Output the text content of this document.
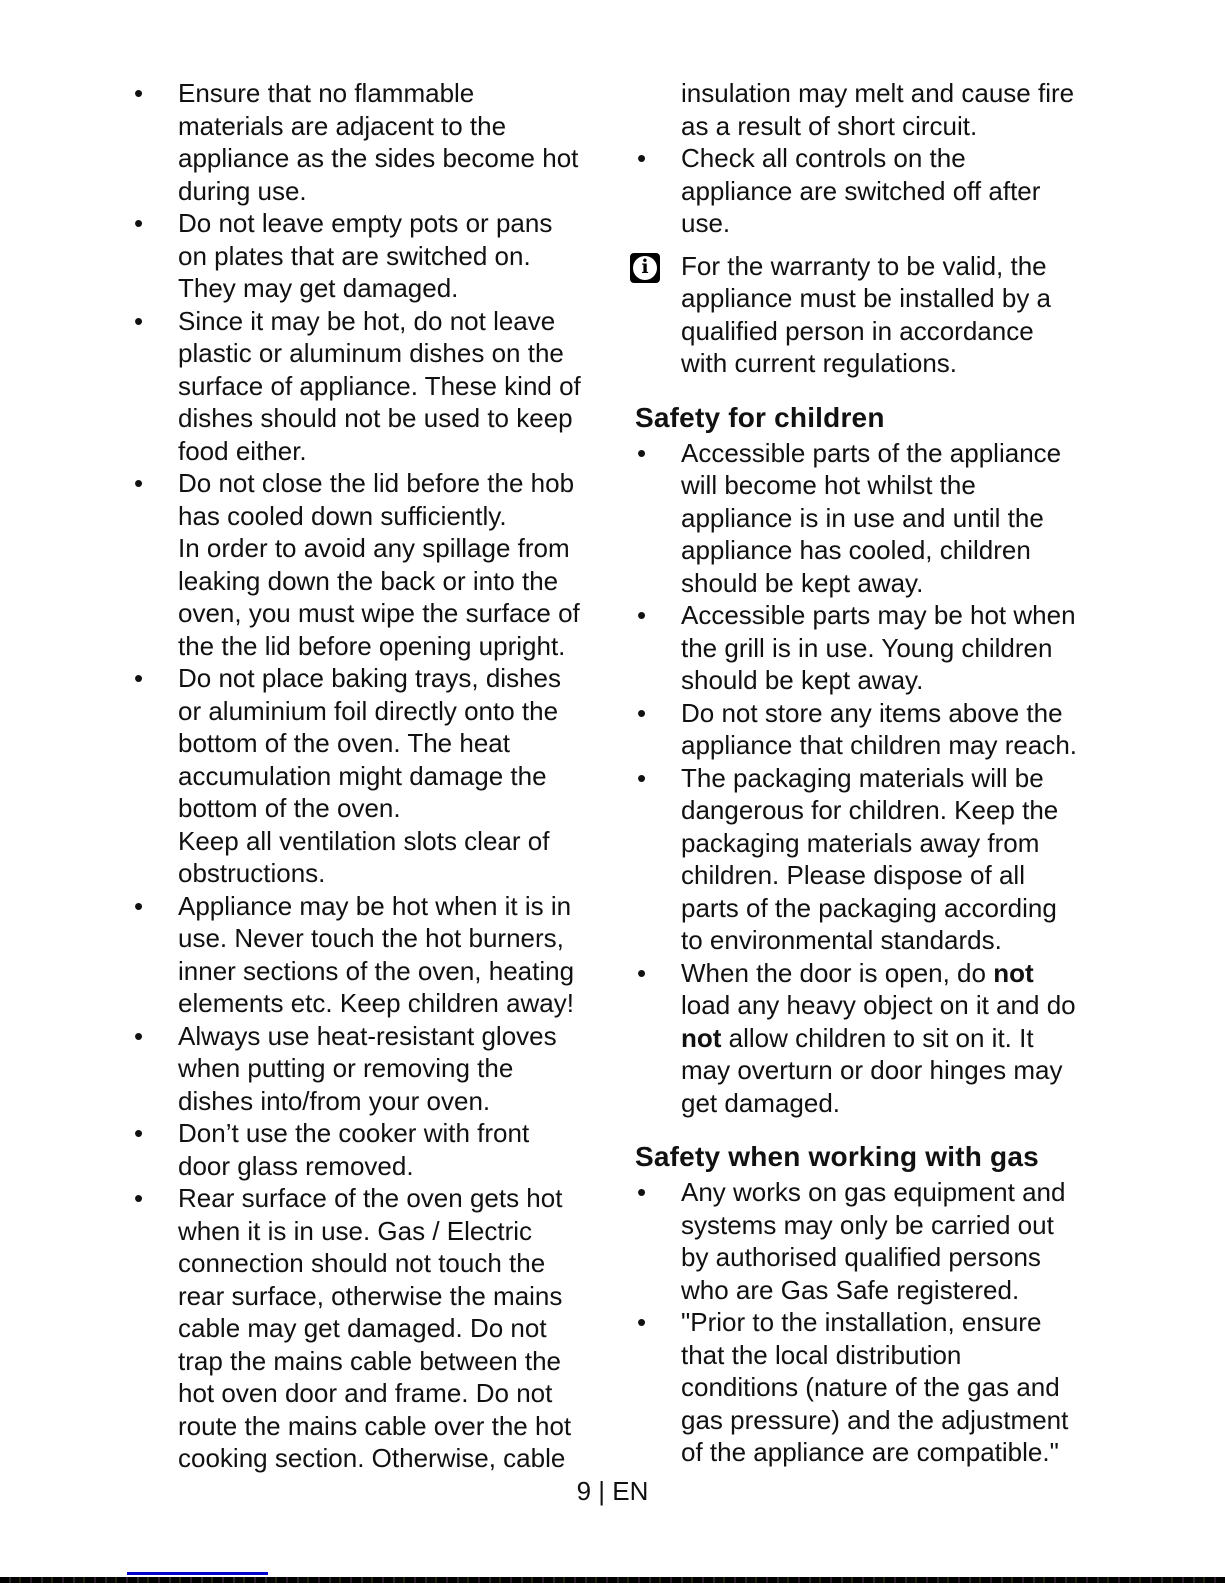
• Ensure that no flammable
materials are adjacent to the
appliance as the sides become hot
during use.
• Do not leave empty pots or pans
on plates that are switched on.
They may get damaged.
• Since it may be hot, do not leave
plastic or aluminum dishes on the
surface of appliance. These kind of
dishes should not be used to keep
food either.
• Do not close the lid before the hob
has cooled down sufficiently.
In order to avoid any spillage from
leaking down the back or into the
oven, you must wipe the surface of
the the lid before opening upright.
• Do not place baking trays, dishes
or aluminium foil directly onto the
bottom of the oven. The heat
accumulation might damage the
bottom of the oven.
Keep all ventilation slots clear of
obstructions.
• Appliance may be hot when it is in
use. Never touch the hot burners,
inner sections of the oven, heating
elements etc. Keep children away!
• Always use heat-resistant gloves
when putting or removing the
dishes into/from your oven.
• Don’t use the cooker with front
door glass removed.
• Rear surface of the oven gets hot
when it is in use. Gas / Electric
connection should not touch the
rear surface, otherwise the mains
cable may get damaged. Do not
trap the mains cable between the
hot oven door and frame. Do not
route the mains cable over the hot
cooking section. Otherwise, cable
insulation may melt and cause fire
as a result of short circuit.
• Check all controls on the
appliance are switched off after
use.
i For the warranty to be valid, the
appliance must be installed by a
qualified person in accordance
with current regulations.
Safety for children
• Accessible parts of the appliance
will become hot whilst the
appliance is in use and until the
appliance has cooled, children
should be kept away.
• Accessible parts may be hot when
the grill is in use. Young children
should be kept away.
• Do not store any items above the
appliance that children may reach.
• The packaging materials will be
dangerous for children. Keep the
packaging materials away from
children. Please dispose of all
parts of the packaging according
to environmental standards.
• When the door is open, do not
load any heavy object on it and do
not allow children to sit on it. It
may overturn or door hinges may
get damaged.
Safety when working with gas
• Any works on gas equipment and
systems may only be carried out
by authorised qualified persons
who are Gas Safe registered.
• "Prior to the installation, ensure
that the local distribution
conditions (nature of the gas and
gas pressure) and the adjustment
of the appliance are compatible."
9 | EN
